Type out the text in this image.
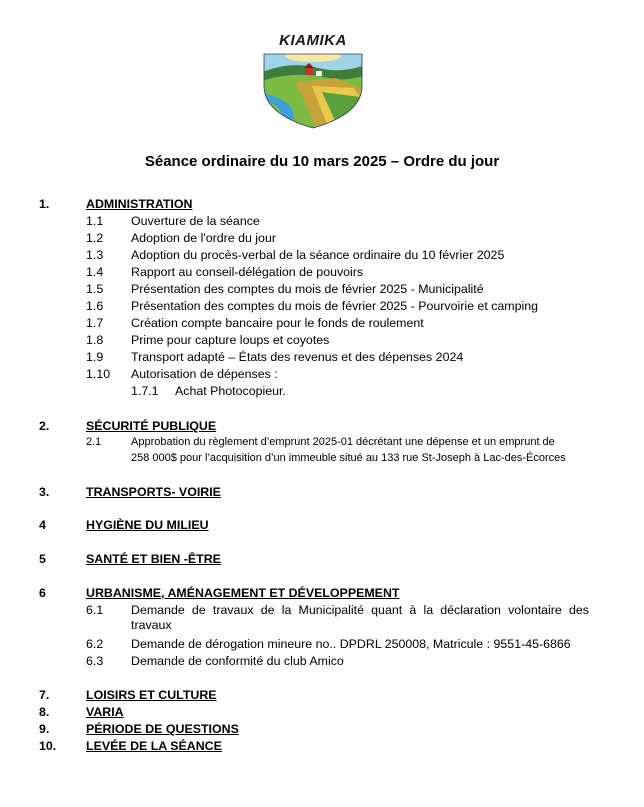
KIAMIKA
Séance ordinaire du 10 mars 2025 – Ordre du jour
1.	ADMINISTRATION
1.1 Ouverture de la séance
1.2 Adoption de l'ordre du jour
1.3 Adoption du procès-verbal de la séance ordinaire du 10 février 2025
1.4 Rapport au conseil-délégation de pouvoirs
1.5 Présentation des comptes du mois de février 2025 - Municipalité
1.6 Présentation des comptes du mois de février 2025 - Pourvoirie et camping
1.7 Création compte bancaire pour le fonds de roulement
1.8 Prime pour capture loups et coyotes
1.9 Transport adapté – États des revenus et des dépenses 2024
1.10 Autorisation de dépenses :
1.7.1 Achat Photocopieur.
2.	SÉCURITÉ PUBLIQUE
2.1	Approbation du règlement d’emprunt 2025-01 décrétant une dépense et un emprunt de
258 000$ pour l’acquisition d’un immeuble situé au 133 rue St-Joseph à Lac-des-Écorces
3.	TRANSPORTS- VOIRIE
4	HYGIÈNE DU MILIEU
5	SANTÉ ET BIEN -ÊTRE
6	URBANISME, AMÉNAGEMENT ET DÉVELOPPEMENT
6.1 Demande de travaux de la Municipalité quant à la déclaration volontaire des
travaux
6.2 Demande de dérogation mineure no.. DPDRL 250008, Matricule : 9551-45-6866
6.3 Demande de conformité du club Amico
7.	LOISIRS ET CULTURE
8.	VARIA
9.	PÉRIODE DE QUESTIONS
10. LEVÉE DE LA SÉANCE
